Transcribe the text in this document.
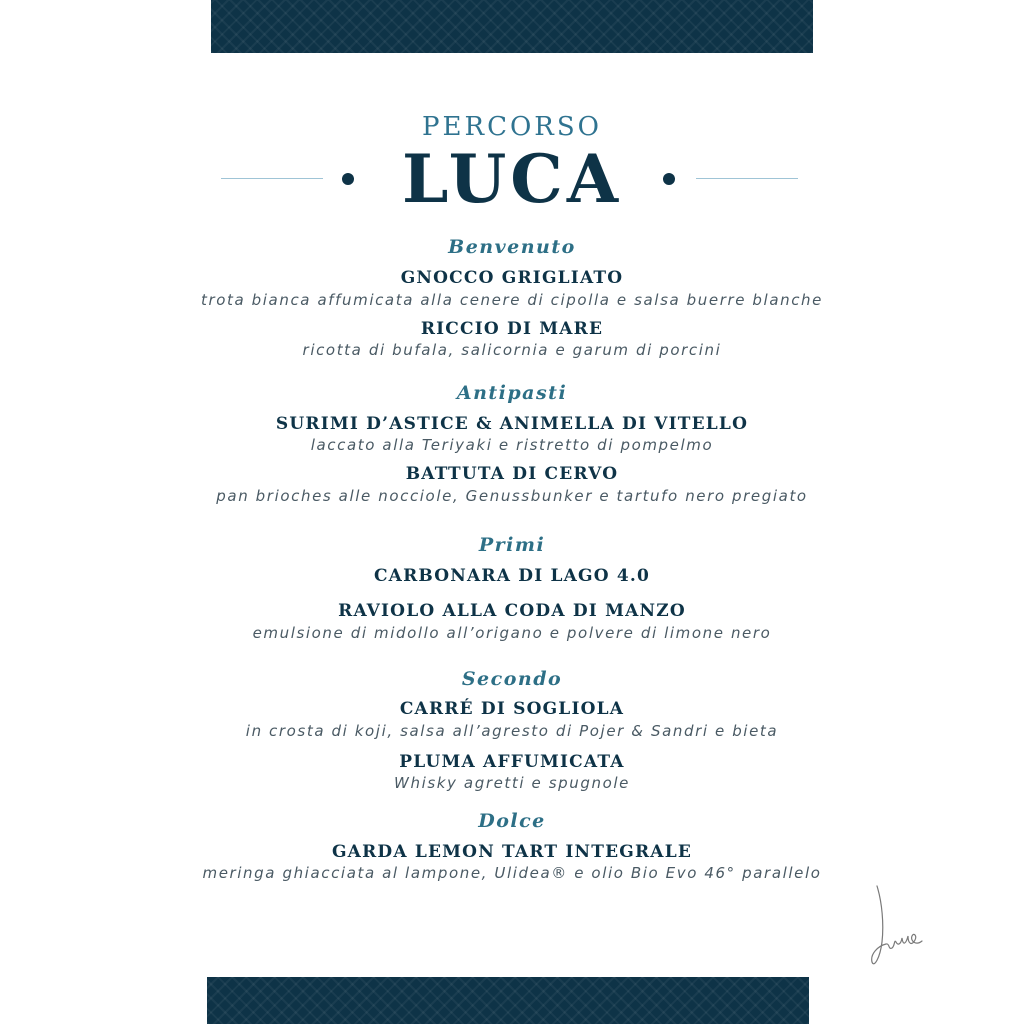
PERCORSO

LUCA

Benvenuto

GNOCCO GRIGLIATO

trota bianca affumicata alla cenere di cipolla e salsa buerre blanche

RICCIO DI MARE

ricotta di bufala, salicornia e garum di porcini

Antipasti

SURIMI D’ASTICE & ANIMELLA DI VITELLO

laccato alla Teriyaki e ristretto di pompelmo

BATTUTA DI CERVO

pan brioches alle nocciole, Genussbunker e tartufo nero pregiato

Primi

CARBONARA DI LAGO 4.0

RAVIOLO ALLA CODA DI MANZO

emulsione di midollo all’origano e polvere di limone nero

Secondo

CARRÉ DI SOGLIOLA

in crosta di koji, salsa all’agresto di Pojer & Sandri e bieta

PLUMA AFFUMICATA

Whisky agretti e spugnole

Dolce

GARDA LEMON TART INTEGRALE

meringa ghiacciata al lampone, Ulidea® e olio Bio Evo 46° parallelo
